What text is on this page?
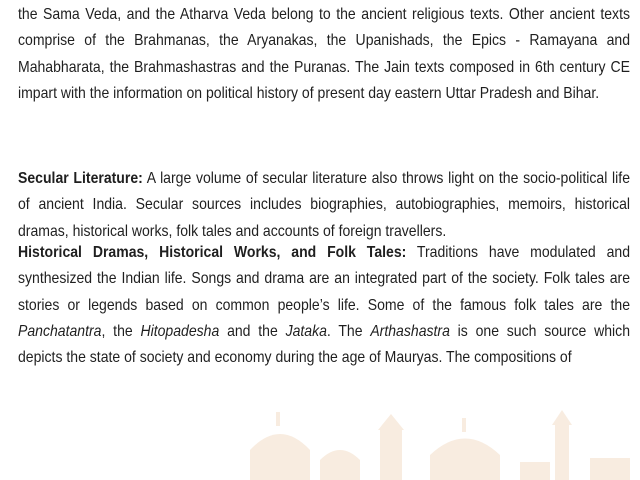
the Sama Veda, and the Atharva Veda belong to the ancient religious texts. Other ancient texts comprise of the Brahmanas, the Aryanakas, the Upanishads, the Epics - Ramayana and Mahabharata, the Brahmashastras and the Puranas. The Jain texts composed in 6th century CE impart with the information on political history of present day eastern Uttar Pradesh and Bihar.

Secular Literature: A large volume of secular literature also throws light on the socio-political life of ancient India. Secular sources includes biographies, autobiographies, memoirs, historical dramas, historical works, folk tales and accounts of foreign travellers.

Historical Dramas, Historical Works, and Folk Tales: Traditions have modulated and synthesized the Indian life. Songs and drama are an integrated part of the society. Folk tales are stories or legends based on common people’s life. Some of the famous folk tales are the Panchatantra, the Hitopadesha and the Jataka. The Arthashastra is one such source which depicts the state of society and economy during the age of Mauryas. The compositions of
